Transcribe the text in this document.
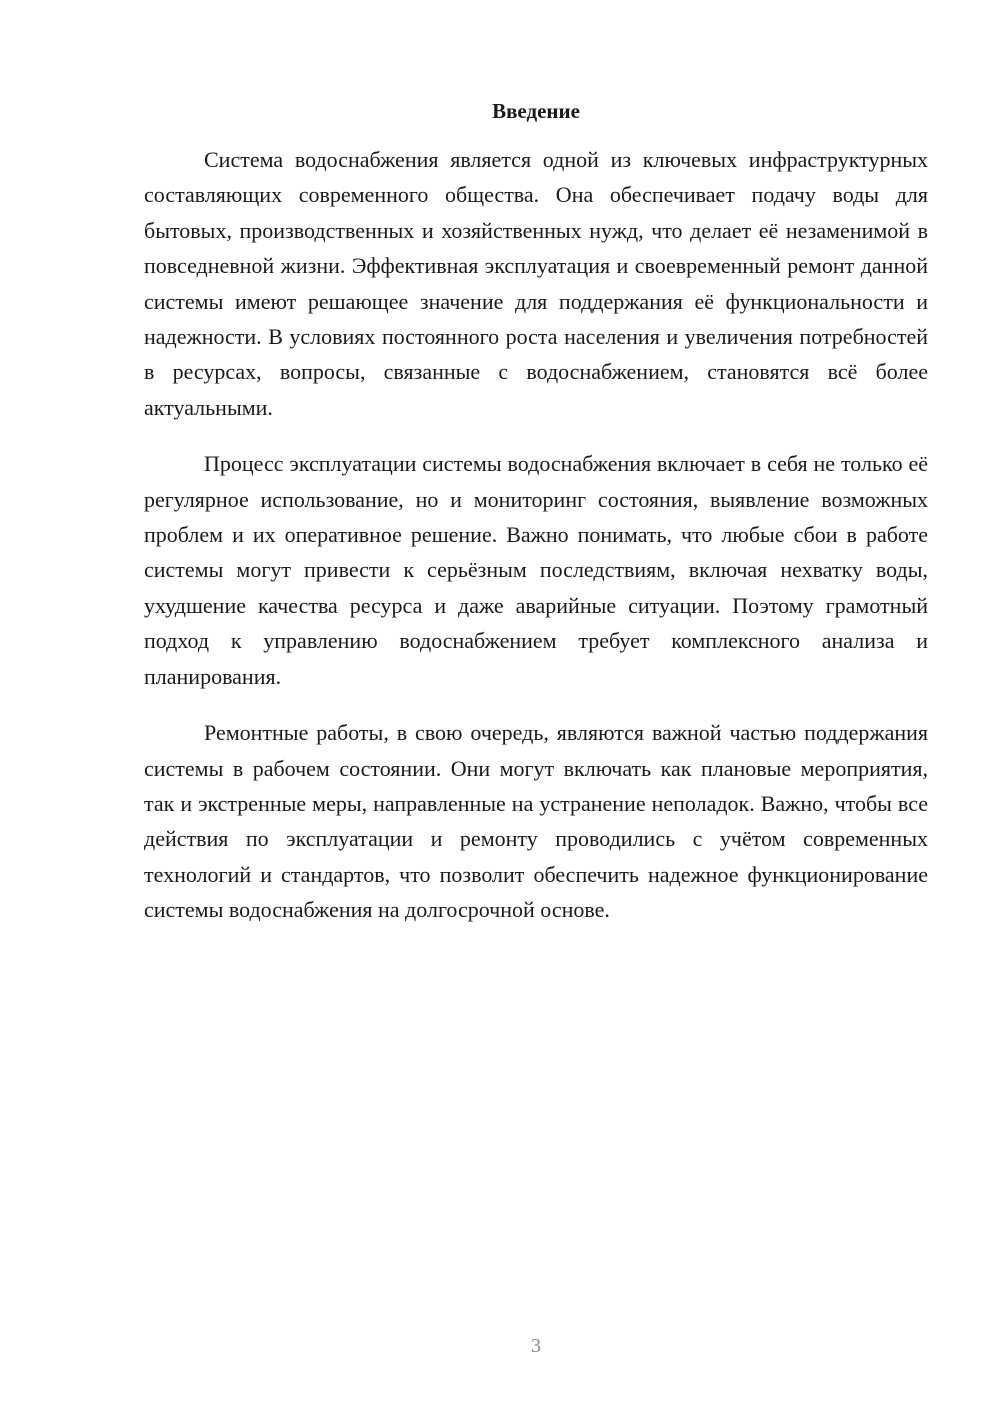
Введение

Система водоснабжения является одной из ключевых инфраструктурных составляющих современного общества. Она обеспечивает подачу воды для бытовых, производственных и хозяйственных нужд, что делает её незаменимой в повседневной жизни. Эффективная эксплуатация и своевременный ремонт данной системы имеют решающее значение для поддержания её функциональности и надежности. В условиях постоянного роста населения и увеличения потребностей в ресурсах, вопросы, связанные с водоснабжением, становятся всё более актуальными.

Процесс эксплуатации системы водоснабжения включает в себя не только её регулярное использование, но и мониторинг состояния, выявление возможных проблем и их оперативное решение. Важно понимать, что любые сбои в работе системы могут привести к серьёзным последствиям, включая нехватку воды, ухудшение качества ресурса и даже аварийные ситуации. Поэтому грамотный подход к управлению водоснабжением требует комплексного анализа и планирования.

Ремонтные работы, в свою очередь, являются важной частью поддержания системы в рабочем состоянии. Они могут включать как плановые мероприятия, так и экстренные меры, направленные на устранение неполадок. Важно, чтобы все действия по эксплуатации и ремонту проводились с учётом современных технологий и стандартов, что позволит обеспечить надежное функционирование системы водоснабжения на долгосрочной основе.

3
